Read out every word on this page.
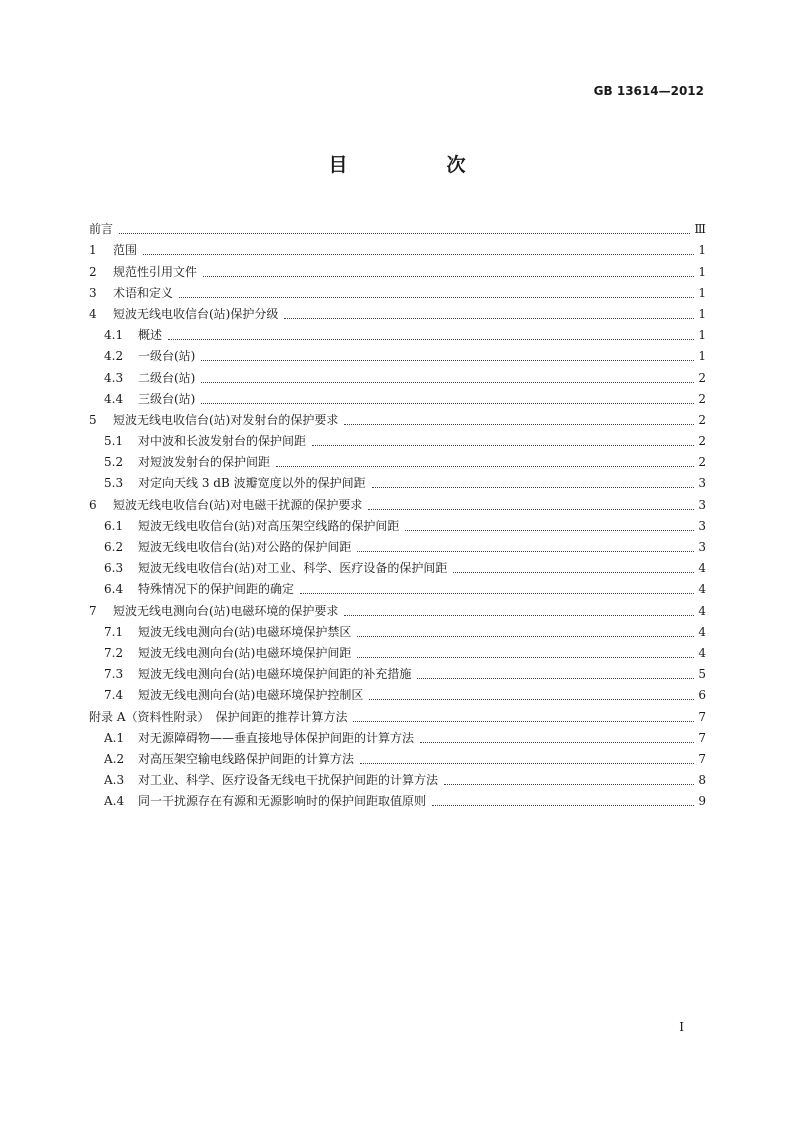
GB 13614—2012
目　次
前言	Ⅲ
1	范围	1
2	规范性引用文件	1
3	术语和定义	1
4	短波无线电收信台(站)保护分级	1
4.1	概述	1
4.2	一级台(站)	1
4.3	二级台(站)	2
4.4	三级台(站)	2
5	短波无线电收信台(站)对发射台的保护要求	2
5.1	对中波和长波发射台的保护间距	2
5.2	对短波发射台的保护间距	2
5.3	对定向天线 3 dB 波瓣宽度以外的保护间距	3
6	短波无线电收信台(站)对电磁干扰源的保护要求	3
6.1	短波无线电收信台(站)对高压架空线路的保护间距	3
6.2	短波无线电收信台(站)对公路的保护间距	3
6.3	短波无线电收信台(站)对工业、科学、医疗设备的保护间距	4
6.4	特殊情况下的保护间距的确定	4
7	短波无线电测向台(站)电磁环境的保护要求	4
7.1	短波无线电测向台(站)电磁环境保护禁区	4
7.2	短波无线电测向台(站)电磁环境保护间距	4
7.3	短波无线电测向台(站)电磁环境保护间距的补充措施	5
7.4	短波无线电测向台(站)电磁环境保护控制区	6
附录 A（资料性附录）　保护间距的推荐计算方法	7
A.1	对无源障碍物——垂直接地导体保护间距的计算方法	7
A.2	对高压架空输电线路保护间距的计算方法	7
A.3	对工业、科学、医疗设备无线电干扰保护间距的计算方法	8
A.4	同一干扰源存在有源和无源影响时的保护间距取值原则	9
Ⅰ
